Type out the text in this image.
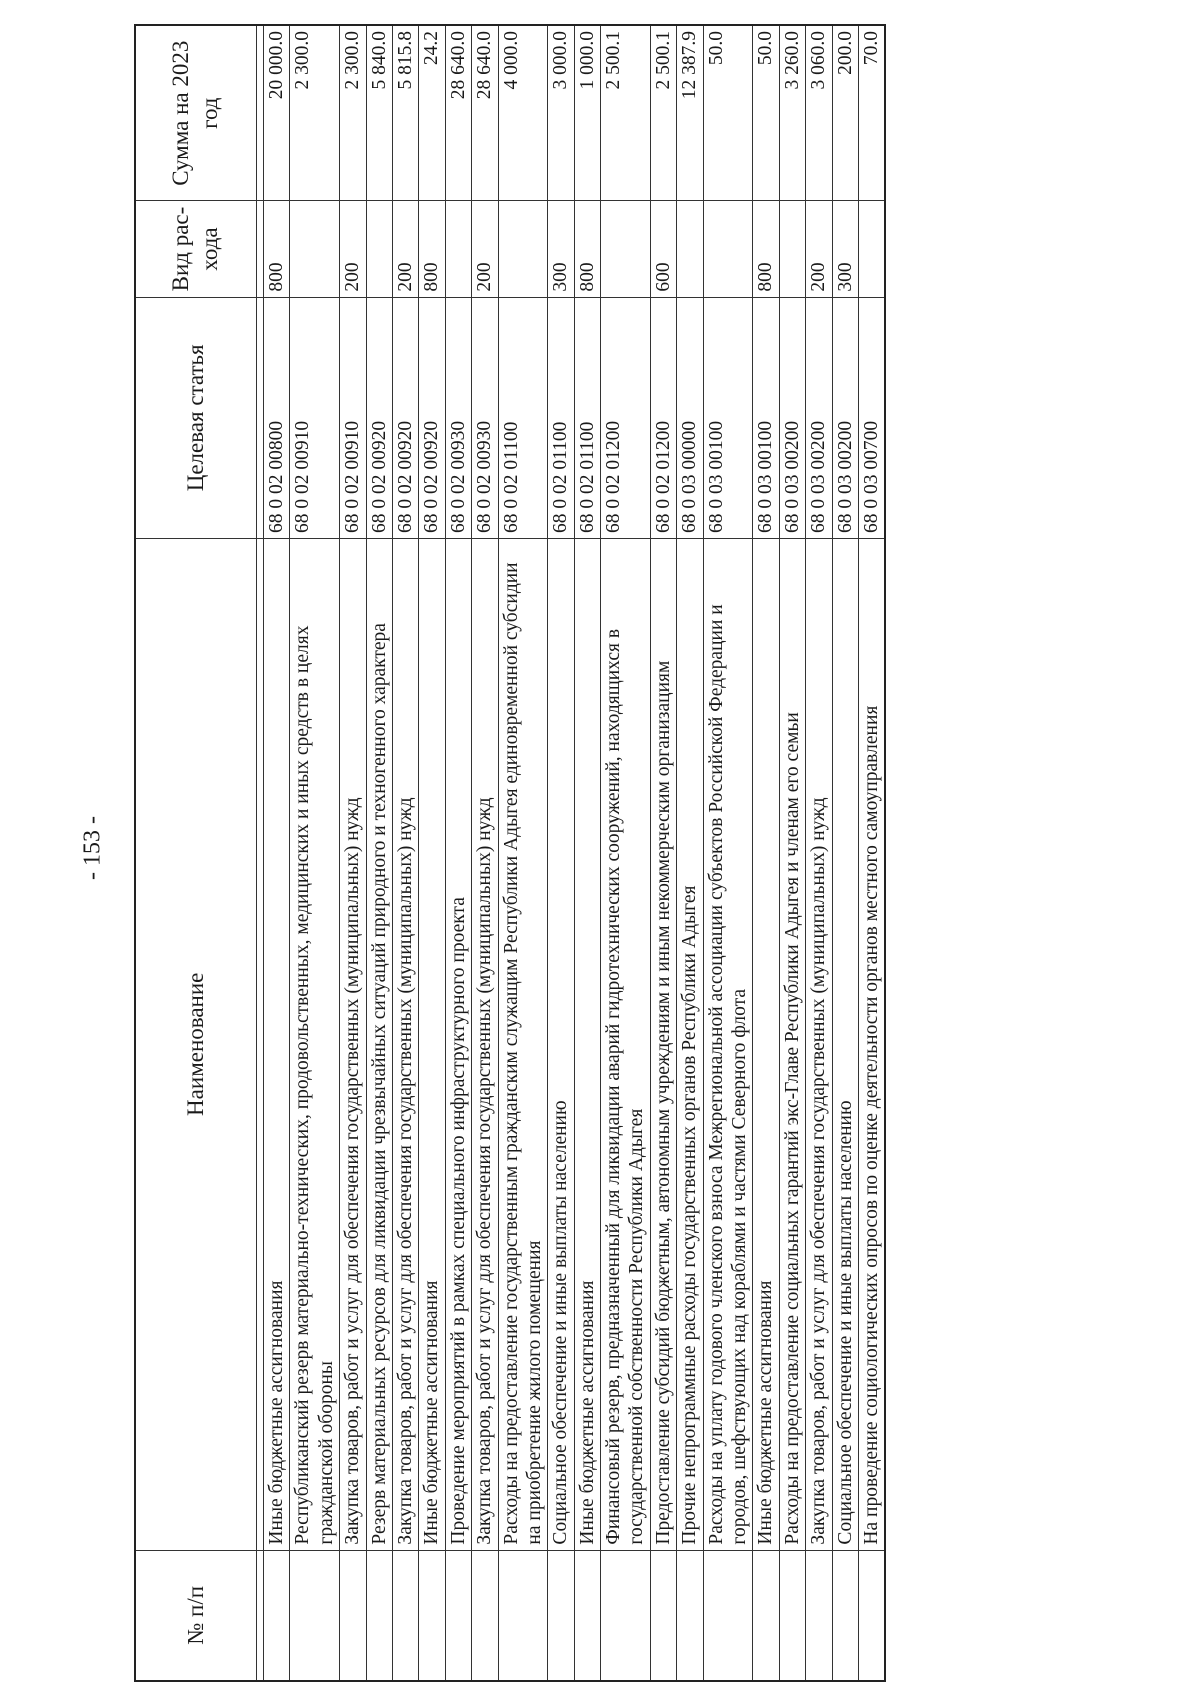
- 153 -
№ п/п	Наименование	Целевая статья	Вид рас-хода	Сумма на 2023 год

	Иные бюджетные ассигнования	68 0 02 00800	800	20 000.0
	Республиканский резерв материально-технических, продовольственных, медицинских и иных средств в целях гражданской обороны	68 0 02 00910		2 300.0
	Закупка товаров, работ и услуг для обеспечения государственных (муниципальных) нужд	68 0 02 00910	200	2 300.0
	Резерв материальных ресурсов для ликвидации чрезвычайных ситуаций природного и техногенного характера	68 0 02 00920		5 840.0
	Закупка товаров, работ и услуг для обеспечения государственных (муниципальных) нужд	68 0 02 00920	200	5 815.8
	Иные бюджетные ассигнования	68 0 02 00920	800	24.2
	Проведение мероприятий в рамках специального инфраструктурного проекта	68 0 02 00930		28 640.0
	Закупка товаров, работ и услуг для обеспечения государственных (муниципальных) нужд	68 0 02 00930	200	28 640.0
	Расходы на предоставление государственным гражданским служащим Республики Адыгея единовременной субсидии на приобретение жилого помещения	68 0 02 01100		4 000.0
	Социальное обеспечение и иные выплаты населению	68 0 02 01100	300	3 000.0
	Иные бюджетные ассигнования	68 0 02 01100	800	1 000.0
	Финансовый резерв, предназначенный для ликвидации аварий гидротехнических сооружений, находящихся в государственной собственности Республики Адыгея	68 0 02 01200		2 500.1
	Предоставление субсидий бюджетным, автономным учреждениям и иным некоммерческим организациям	68 0 02 01200	600	2 500.1
	Прочие непрограммные расходы государственных органов Республики Адыгея	68 0 03 00000		12 387.9
	Расходы на уплату годового членского взноса Межрегиональной ассоциации субъектов Российской Федерации и городов, шефствующих над кораблями и частями Северного флота	68 0 03 00100		50.0
	Иные бюджетные ассигнования	68 0 03 00100	800	50.0
	Расходы на предоставление социальных гарантий экс-Главе Республики Адыгея и членам его семьи	68 0 03 00200		3 260.0
	Закупка товаров, работ и услуг для обеспечения государственных (муниципальных) нужд	68 0 03 00200	200	3 060.0
	Социальное обеспечение и иные выплаты населению	68 0 03 00200	300	200.0
	На проведение социологических опросов по оценке деятельности органов местного самоуправления	68 0 03 00700		70.0
